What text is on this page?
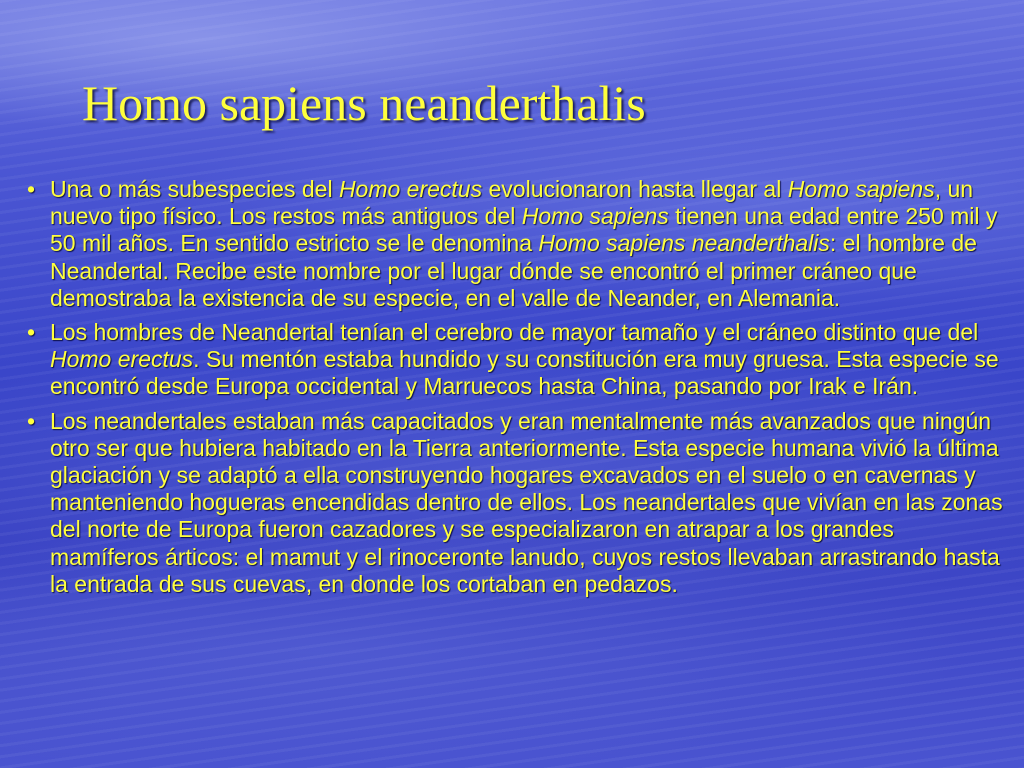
Homo sapiens neanderthalis
• Una o más subespecies del Homo erectus evolucionaron hasta llegar al Homo sapiens, un nuevo tipo físico. Los restos más antiguos del Homo sapiens tienen una edad entre 250 mil y 50 mil años. En sentido estricto se le denomina Homo sapiens neanderthalis: el hombre de Neandertal. Recibe este nombre por el lugar dónde se encontró el primer cráneo que demostraba la existencia de su especie, en el valle de Neander, en Alemania.
• Los hombres de Neandertal tenían el cerebro de mayor tamaño y el cráneo distinto que del Homo erectus. Su mentón estaba hundido y su constitución era muy gruesa. Esta especie se encontró desde Europa occidental y Marruecos hasta China, pasando por Irak e Irán.
• Los neandertales estaban más capacitados y eran mentalmente más avanzados que ningún otro ser que hubiera habitado en la Tierra anteriormente. Esta especie humana vivió la última glaciación y se adaptó a ella construyendo hogares excavados en el suelo o en cavernas y manteniendo hogueras encendidas dentro de ellos. Los neandertales que vivían en las zonas del norte de Europa fueron cazadores y se especializaron en atrapar a los grandes mamíferos árticos: el mamut y el rinoceronte lanudo, cuyos restos llevaban arrastrando hasta la entrada de sus cuevas, en donde los cortaban en pedazos.
